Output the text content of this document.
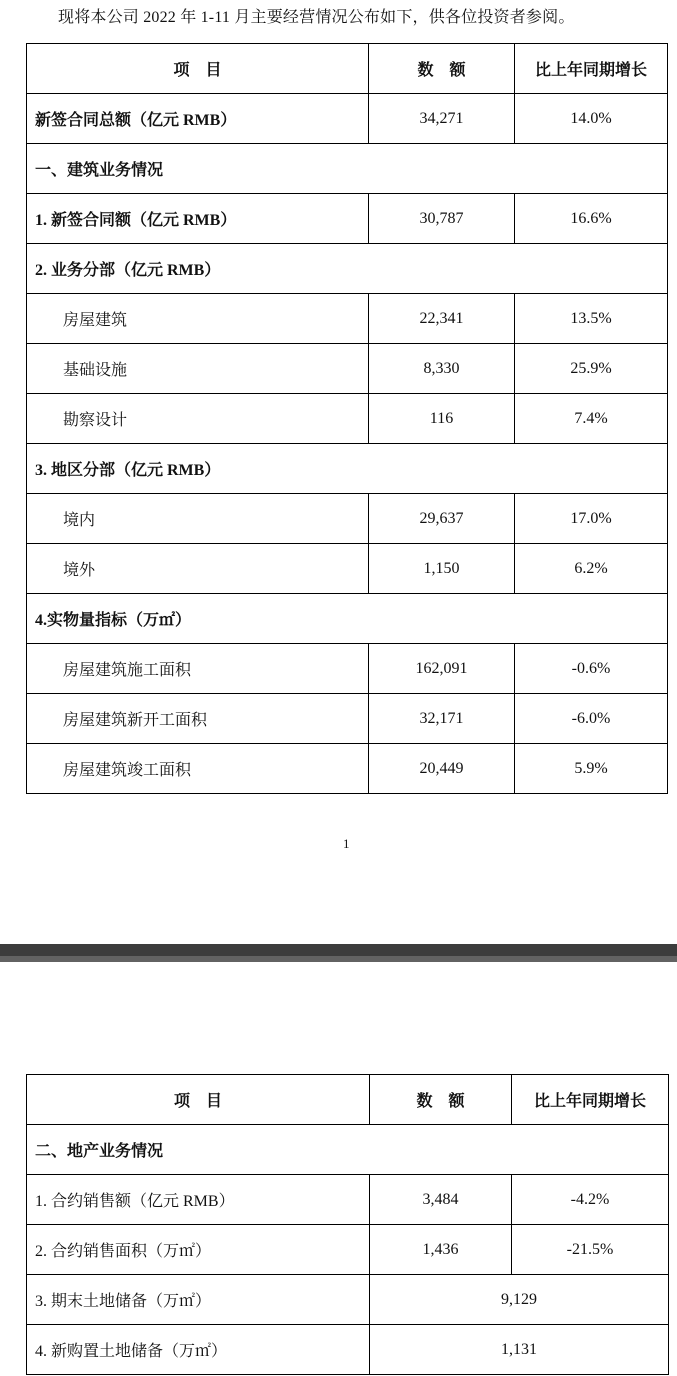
现将本公司 2022 年 1-11 月主要经营情况公布如下，供各位投资者参阅。
项　目	数　额	比上年同期增长
新签合同总额（亿元 RMB）	34,271	14.0%
一、建筑业务情况		
1. 新签合同额（亿元 RMB）	30,787	16.6%
2. 业务分部（亿元 RMB）		
房屋建筑	22,341	13.5%
基础设施	8,330	25.9%
勘察设计	116	7.4%
3. 地区分部（亿元 RMB）		
境内	29,637	17.0%
境外	1,150	6.2%
4.实物量指标（万㎡）		
房屋建筑施工面积	162,091	-0.6%
房屋建筑新开工面积	32,171	-6.0%
房屋建筑竣工面积	20,449	5.9%
1
项　目	数　额	比上年同期增长
二、地产业务情况		
1. 合约销售额（亿元 RMB）	3,484	-4.2%
2. 合约销售面积（万㎡）	1,436	-21.5%
3. 期末土地储备（万㎡）	9,129	
4. 新购置土地储备（万㎡）	1,131	
